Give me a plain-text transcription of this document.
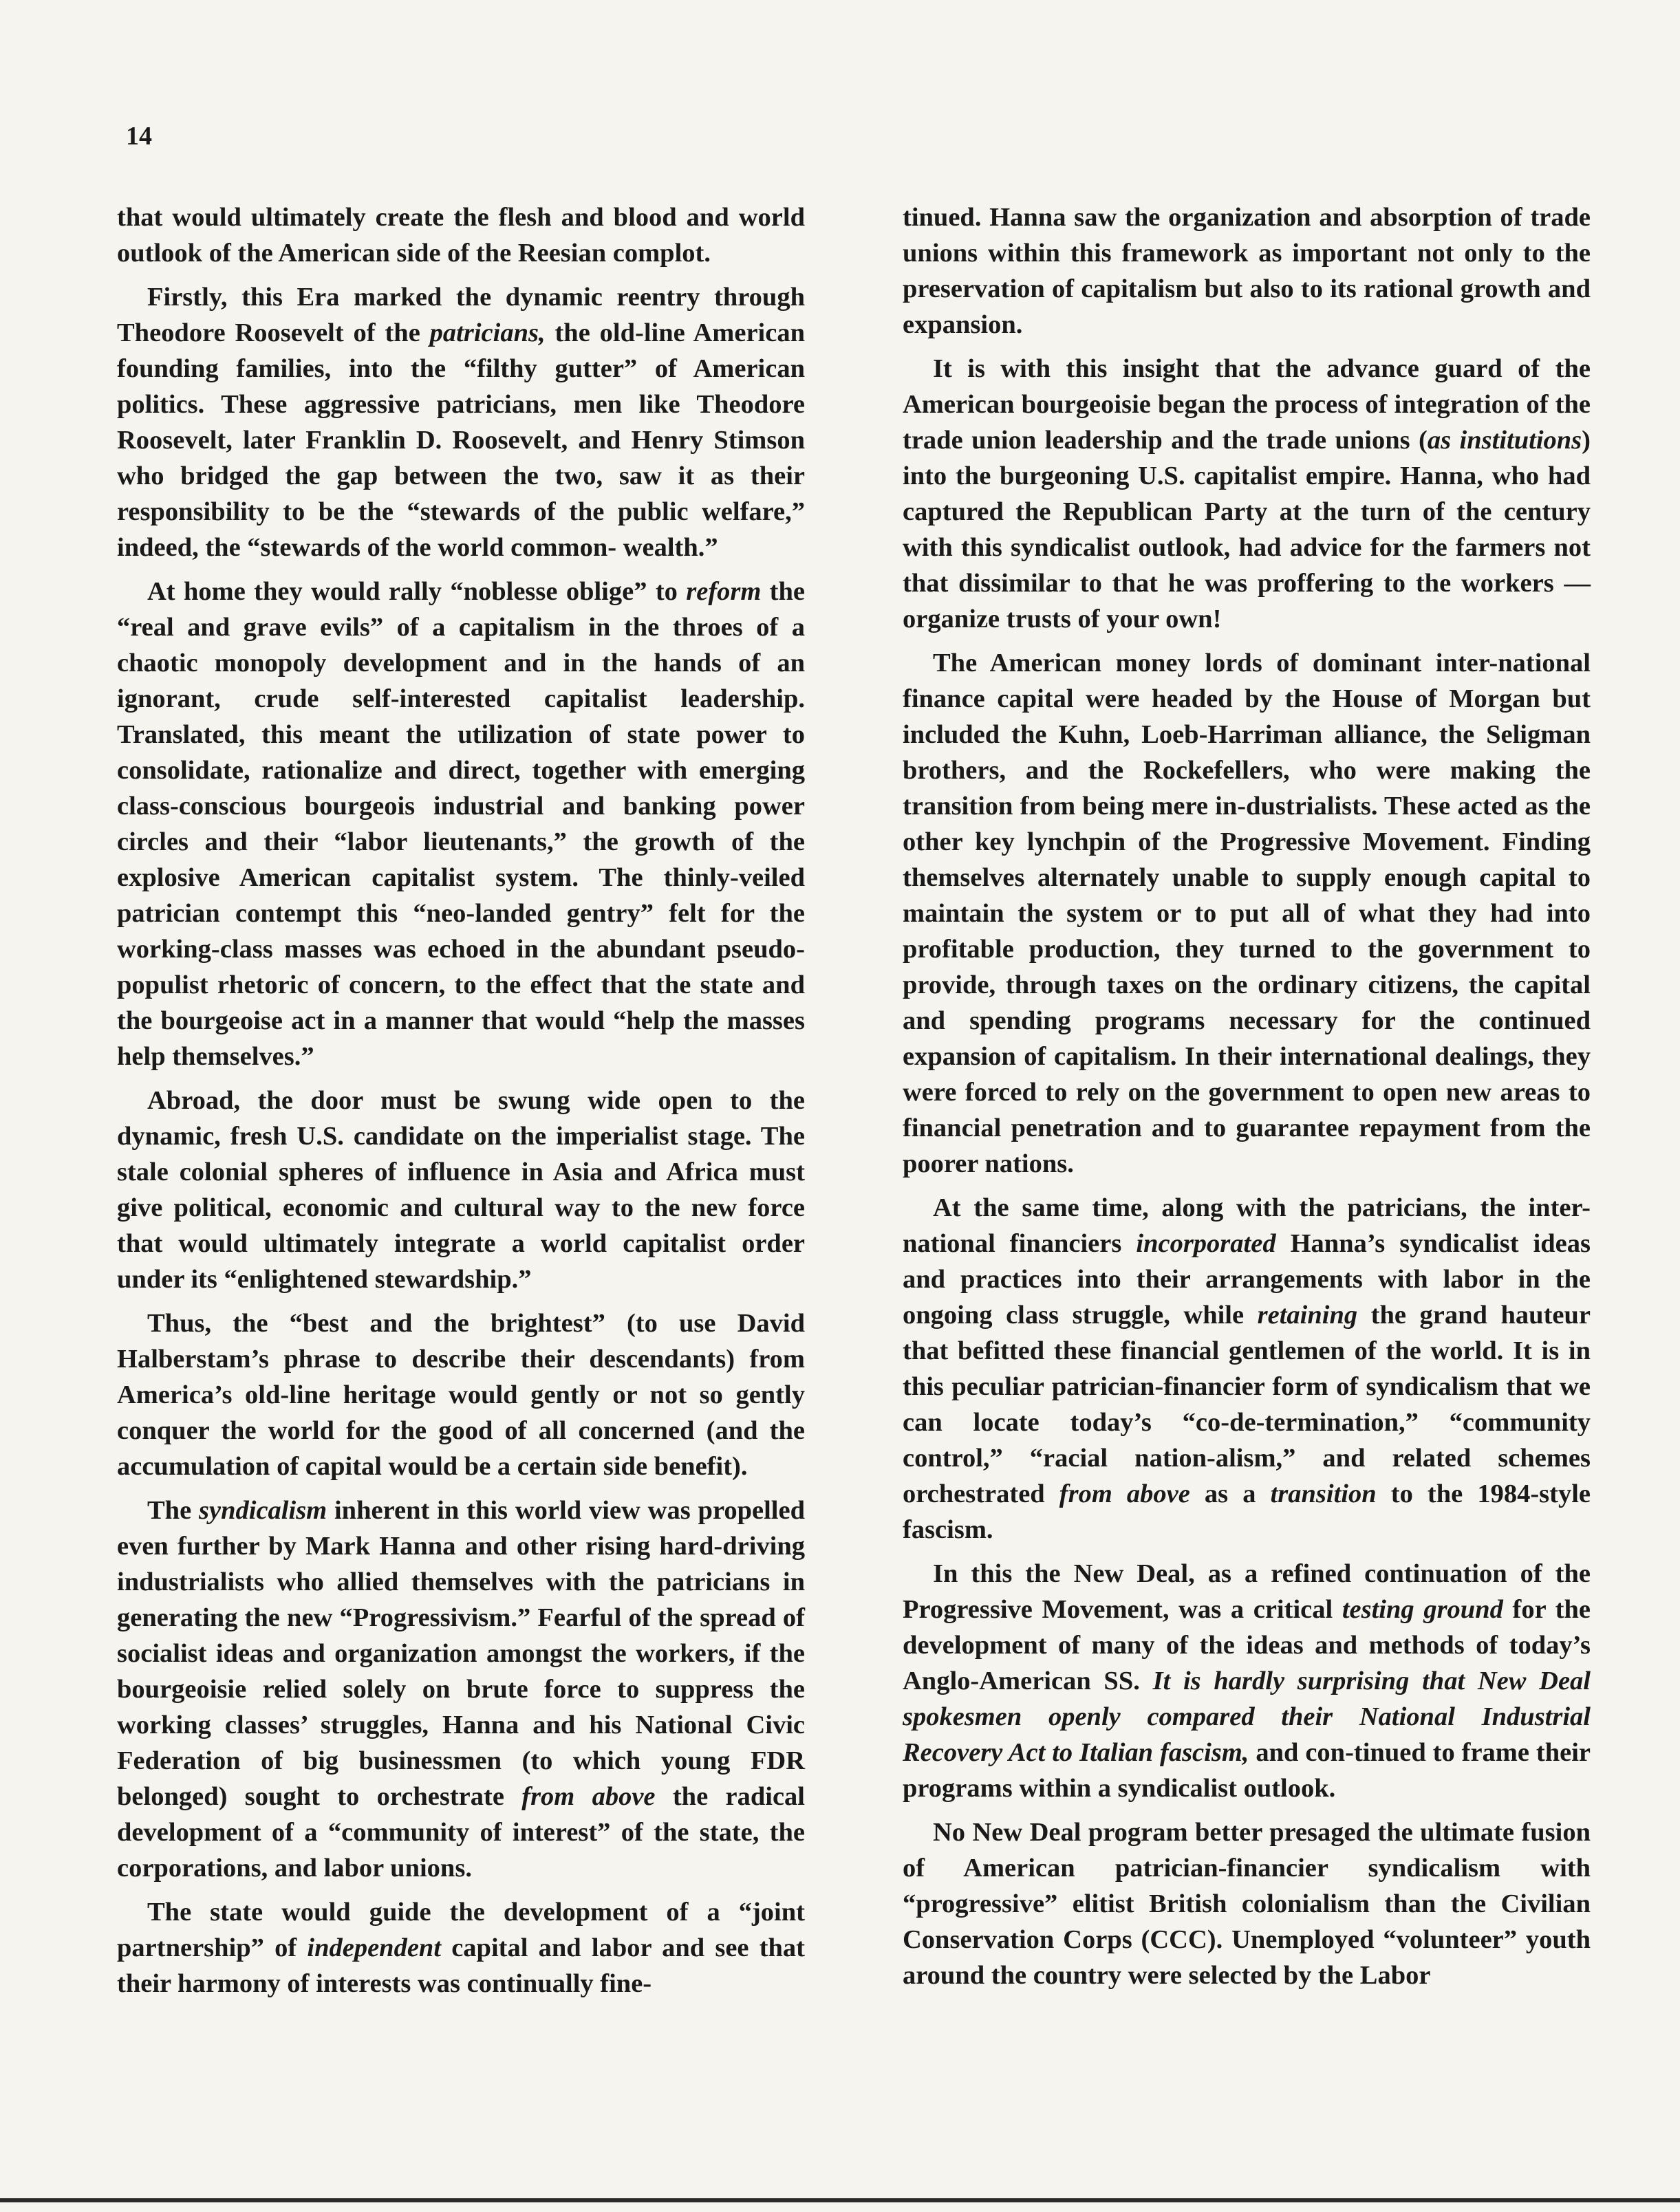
14

that would ultimately create the flesh and blood and world outlook of the American side of the Reesian complot.

Firstly, this Era marked the dynamic reentry through Theodore Roosevelt of the patricians, the old-line American founding families, into the “filthy gutter” of American politics. These aggressive patricians, men like Theodore Roosevelt, later Franklin D. Roosevelt, and Henry Stimson who bridged the gap between the two, saw it as their responsibility to be the “stewards of the public welfare,” indeed, the “stewards of the world common- wealth.”

At home they would rally “noblesse oblige” to reform the “real and grave evils” of a capitalism in the throes of a chaotic monopoly development and in the hands of an ignorant, crude self-interested capitalist leadership. Translated, this meant the utilization of state power to consolidate, rationalize and direct, together with emerging class-conscious bourgeois industrial and banking power circles and their “labor lieutenants,” the growth of the explosive American capitalist system. The thinly-veiled patrician contempt this “neo-landed gentry” felt for the working-class masses was echoed in the abundant pseudo-populist rhetoric of concern, to the effect that the state and the bourgeoise act in a manner that would “help the masses help themselves.”

Abroad, the door must be swung wide open to the dynamic, fresh U.S. candidate on the imperialist stage. The stale colonial spheres of influence in Asia and Africa must give political, economic and cultural way to the new force that would ultimately integrate a world capitalist order under its “enlightened stewardship.”

Thus, the “best and the brightest” (to use David Halberstam’s phrase to describe their descendants) from America’s old-line heritage would gently or not so gently conquer the world for the good of all concerned (and the accumulation of capital would be a certain side benefit).

The syndicalism inherent in this world view was propelled even further by Mark Hanna and other rising hard-driving industrialists who allied themselves with the patricians in generating the new “Progressivism.” Fearful of the spread of socialist ideas and organization amongst the workers, if the bourgeoisie relied solely on brute force to suppress the working classes’ struggles, Hanna and his National Civic Federation of big businessmen (to which young FDR belonged) sought to orchestrate from above the radical development of a “community of interest” of the state, the corporations, and labor unions.

The state would guide the development of a “joint partnership” of independent capital and labor and see that their harmony of interests was continually fine-

tinued. Hanna saw the organization and absorption of trade unions within this framework as important not only to the preservation of capitalism but also to its rational growth and expansion.

It is with this insight that the advance guard of the American bourgeoisie began the process of integration of the trade union leadership and the trade unions (as institutions) into the burgeoning U.S. capitalist empire. Hanna, who had captured the Republican Party at the turn of the century with this syndicalist outlook, had advice for the farmers not that dissimilar to that he was proffering to the workers — organize trusts of your own!

The American money lords of dominant inter-national finance capital were headed by the House of Morgan but included the Kuhn, Loeb-Harriman alliance, the Seligman brothers, and the Rockefellers, who were making the transition from being mere in-dustrialists. These acted as the other key lynchpin of the Progressive Movement. Finding themselves alternately unable to supply enough capital to maintain the system or to put all of what they had into profitable production, they turned to the government to provide, through taxes on the ordinary citizens, the capital and spending programs necessary for the continued expansion of capitalism. In their international dealings, they were forced to rely on the government to open new areas to financial penetration and to guarantee repayment from the poorer nations.

At the same time, along with the patricians, the inter-national financiers incorporated Hanna’s syndicalist ideas and practices into their arrangements with labor in the ongoing class struggle, while retaining the grand hauteur that befitted these financial gentlemen of the world. It is in this peculiar patrician-financier form of syndicalism that we can locate today’s “co-de-termination,” “community control,” “racial nation-alism,” and related schemes orchestrated from above as a transition to the 1984-style fascism.

In this the New Deal, as a refined continuation of the Progressive Movement, was a critical testing ground for the development of many of the ideas and methods of today’s Anglo-American SS. It is hardly surprising that New Deal spokesmen openly compared their National Industrial Recovery Act to Italian fascism, and con-tinued to frame their programs within a syndicalist outlook.

No New Deal program better presaged the ultimate fusion of American patrician-financier syndicalism with “progressive” elitist British colonialism than the Civilian Conservation Corps (CCC). Unemployed “volunteer” youth around the country were selected by the Labor
